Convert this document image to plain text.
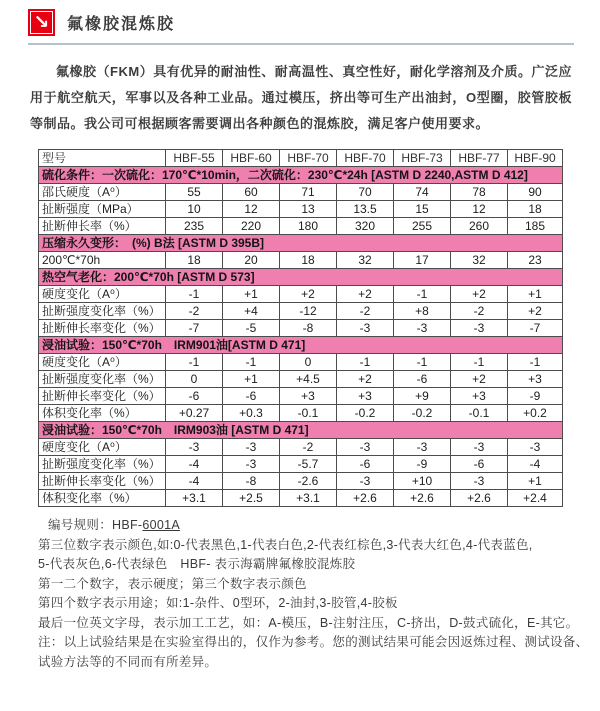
↘	氟橡胶混炼胶
氟橡胶（FKM）具有优异的耐油性、耐高温性、真空性好，耐化学溶剂及介质。广泛应用于航空航天，军事以及各种工业品。通过模压，挤出等可生产出油封，O型圈，胶管胶板等制品。我公司可根据顾客需要调出各种颜色的混炼胶，满足客户使用要求。
型号	HBF-55	HBF-60	HBF-70	HBF-70	HBF-73	HBF-77	HBF-90
硫化条件：一次硫化：170℃*10min，二次硫化：230℃*24h [ASTM D 2240,ASTM D 412]							
邵氏硬度（A⁰）	55	60	71	70	74	78	90
扯断强度（MPa）	10	12	13	13.5	15	12	18
扯断伸长率（%）	235	220	180	320	255	260	185
压缩永久变形：　(%) B法 [ASTM D 395B]							
200℃*70h	18	20	18	32	17	32	23
热空气老化：200℃*70h [ASTM D 573]							
硬度变化（A⁰）	-1	+1	+2	+2	-1	+2	+1
扯断强度变化率（%）	-2	+4	-12	-2	+8	-2	+2
扯断伸长率变化（%）	-7	-5	-8	-3	-3	-3	-7
浸油试验：150℃*70h　IRM901油[ASTM D 471]							
硬度变化（A⁰）	-1	-1	0	-1	-1	-1	-1
扯断强度变化率（%）	0	+1	+4.5	+2	-6	+2	+3
扯断伸长率变化（%）	-6	-6	+3	+3	+9	+3	-9
体积变化率（%）	+0.27	+0.3	-0.1	-0.2	-0.2	-0.1	+0.2
浸油试验：150℃*70h　IRM903油 [ASTM D 471]							
硬度变化（A⁰）	-3	-3	-2	-3	-3	-3	-3
扯断强度变化率（%）	-4	-3	-5.7	-6	-9	-6	-4
扯断伸长率变化（%）	-4	-8	-2.6	-3	+10	-3	+1
体积变化率（%）	+3.1	+2.5	+3.1	+2.6	+2.6	+2.6	+2.4
编号规则：HBF-6001A
第三位数字表示颜色,如:0-代表黑色,1-代表白色,2-代表红棕色,3-代表大红色,4-代表蓝色,
5-代表灰色,6-代表绿色　HBF- 表示海霸牌氟橡胶混炼胶
第一二个数字，表示硬度；第三个数字表示颜色
第四个数字表示用途；如:1-杂件、0型环，2-油封,3-胶管,4-胶板
最后一位英文字母，表示加工工艺，如：A-模压，B-注射注压，C-挤出，D-鼓式硫化，E-其它。
注：以上试验结果是在实验室得出的，仅作为参考。您的测试结果可能会因返炼过程、测试设备、
试验方法等的不同而有所差异。
